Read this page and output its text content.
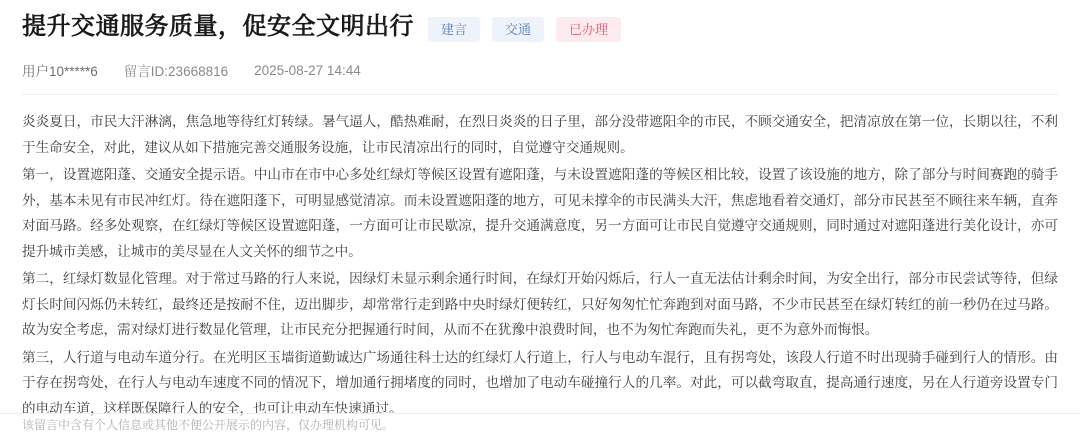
提升交通服务质量，促安全文明出行	建言	交通	已办理
用户10*****6 留言ID:23668816 2025-08-27 14:44

炎炎夏日，市民大汗淋漓，焦急地等待红灯转绿。暑气逼人，酷热难耐，在烈日炎炎的日子里，部分没带遮阳伞的市民，不顾交通安全，把清凉放在第一位，长期以往，不利于生命安全，对此，建议从如下措施完善交通服务设施，让市民清凉出行的同时，自觉遵守交通规则。

第一，设置遮阳蓬、交通安全提示语。中山市在市中心多处红绿灯等候区设置有遮阳蓬，与未设置遮阳蓬的等候区相比较，设置了该设施的地方，除了部分与时间赛跑的骑手外，基本未见有市民冲红灯。待在遮阳蓬下，可明显感觉清凉。而未设置遮阳蓬的地方，可见未撑伞的市民满头大汗，焦虑地看着交通灯，部分市民甚至不顾往来车辆，直奔对面马路。经多处观察，在红绿灯等候区设置遮阳蓬，一方面可让市民歇凉，提升交通满意度，另一方面可让市民自觉遵守交通规则，同时通过对遮阳蓬进行美化设计，亦可提升城市美感，让城市的美尽显在人文关怀的细节之中。

第二，红绿灯数显化管理。对于常过马路的行人来说，因绿灯未显示剩余通行时间，在绿灯开始闪烁后，行人一直无法估计剩余时间，为安全出行，部分市民尝试等待，但绿灯长时间闪烁仍未转红，最终还是按耐不住，迈出脚步，却常常行走到路中央时绿灯便转红，只好匆匆忙忙奔跑到对面马路，不少市民甚至在绿灯转红的前一秒仍在过马路。故为安全考虑，需对绿灯进行数显化管理，让市民充分把握通行时间，从而不在犹豫中浪费时间，也不为匆忙奔跑而失礼，更不为意外而悔恨。

第三，人行道与电动车道分行。在光明区玉墙街道勤诚达广场通往科士达的红绿灯人行道上，行人与电动车混行，且有拐弯处，该段人行道不时出现骑手碰到行人的情形。由于存在拐弯处，在行人与电动车速度不同的情况下，增加通行拥堵度的同时，也增加了电动车碰撞行人的几率。对此，可以截弯取直，提高通行速度，另在人行道旁设置专门的电动车道，这样既保障行人的安全，也可让电动车快速通过。

该留言中含有个人信息或其他不便公开展示的内容，仅办理机构可见。
